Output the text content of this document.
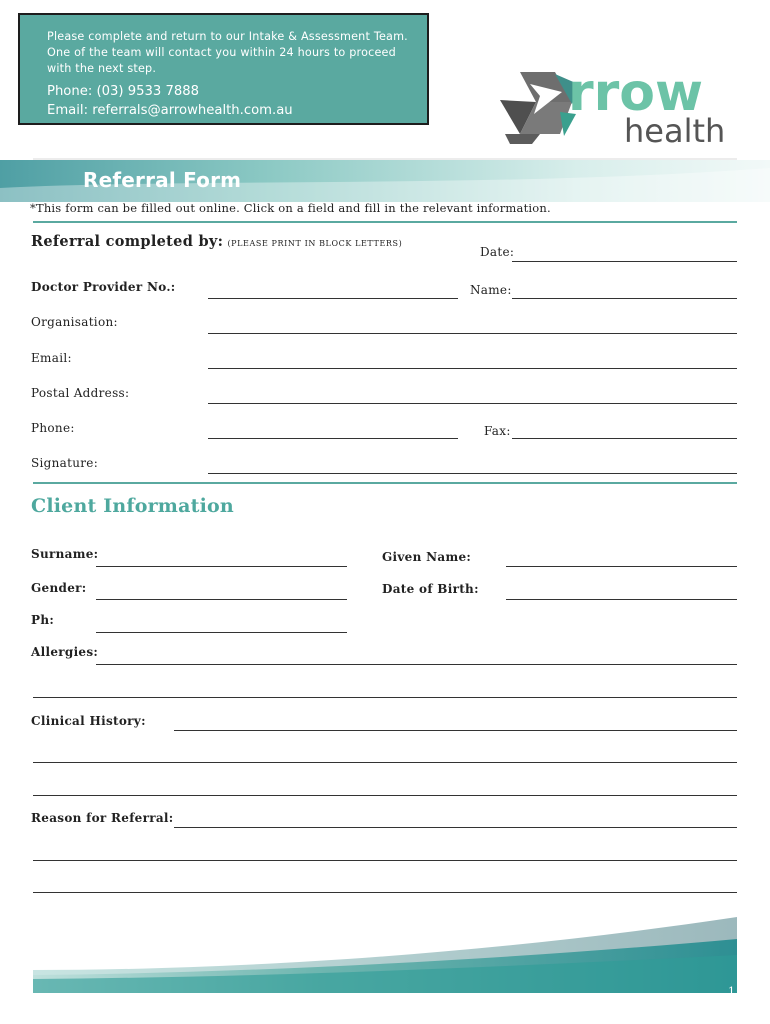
Please complete and return to our Intake & Assessment Team.
One of the team will contact you within 24 hours to proceed
with the next step.
Phone: (03) 9533 7888
Email: referrals@arrowhealth.com.au	rrow
health
Referral Form
*This form can be filled out online. Click on a field and fill in the relevant information.
Referral completed by: (PLEASE PRINT IN BLOCK LETTERS)
Date:
Doctor Provider No.:	Name:
Organisation:
Email:
Postal Address:
Phone:	Fax:
Signature:
Client Information
Surname:	Given Name:
Gender:	Date of Birth:
Ph:
Allergies:
Clinical History:
Reason for Referral:
1
